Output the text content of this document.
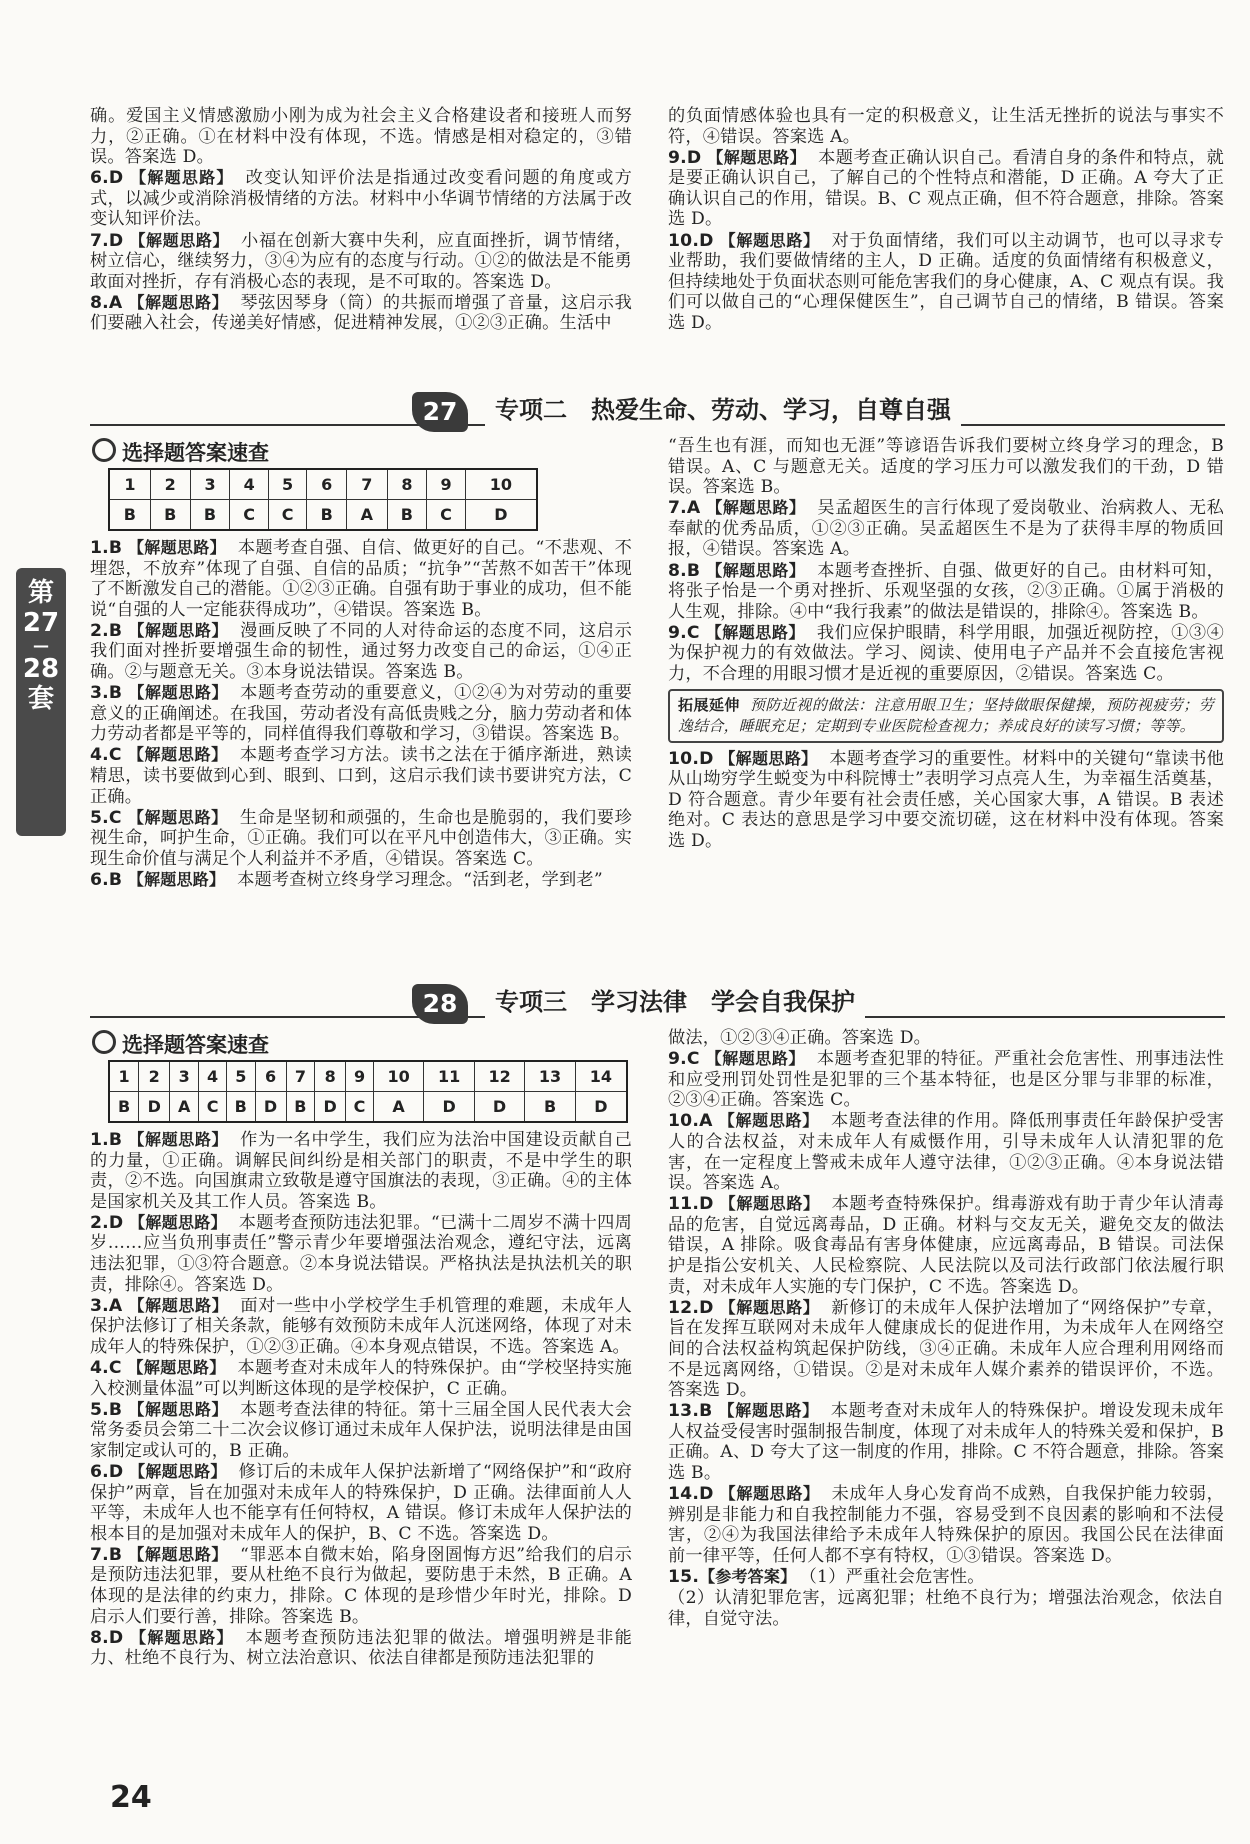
第
27
—
28
套

确。爱国主义情感激励小刚为成为社会主义合格建设者和接班人而努力，②正确。①在材料中没有体现，不选。情感是相对稳定的，③错误。答案选 D。

6.D 【解题思路】 改变认知评价法是指通过改变看问题的角度或方式，以减少或消除消极情绪的方法。材料中小华调节情绪的方法属于改变认知评价法。

7.D 【解题思路】 小福在创新大赛中失利，应直面挫折，调节情绪，树立信心，继续努力，③④为应有的态度与行动。①②的做法是不能勇敢面对挫折，存有消极心态的表现，是不可取的。答案选 D。

8.A 【解题思路】 琴弦因琴身（筒）的共振而增强了音量，这启示我们要融入社会，传递美好情感，促进精神发展，①②③正确。生活中

的负面情感体验也具有一定的积极意义，让生活无挫折的说法与事实不符，④错误。答案选 A。

9.D 【解题思路】 本题考查正确认识自己。看清自身的条件和特点，就是要正确认识自己，了解自己的个性特点和潜能，D 正确。A 夸大了正确认识自己的作用，错误。B、C 观点正确，但不符合题意，排除。答案选 D。

10.D 【解题思路】 对于负面情绪，我们可以主动调节，也可以寻求专业帮助，我们要做情绪的主人，D 正确。适度的负面情绪有积极意义，但持续地处于负面状态则可能危害我们的身心健康，A、C 观点有误。我们可以做自己的“心理保健医生”，自己调节自己的情绪，B 错误。答案选 D。

27	专项二　热爱生命、劳动、学习，自尊自强
选择题答案速查
1	2	3	4	5	6	7	8	9	10
B	B	B	C	C	B	A	B	C	D

1.B 【解题思路】 本题考查自强、自信、做更好的自己。“不悲观、不埋怨，不放弃”体现了自强、自信的品质；“抗争”“苦熬不如苦干”体现了不断激发自己的潜能。①②③正确。自强有助于事业的成功，但不能说“自强的人一定能获得成功”，④错误。答案选 B。

2.B 【解题思路】 漫画反映了不同的人对待命运的态度不同，这启示我们面对挫折要增强生命的韧性，通过努力改变自己的命运，①④正确。②与题意无关。③本身说法错误。答案选 B。

3.B 【解题思路】 本题考查劳动的重要意义，①②④为对劳动的重要意义的正确阐述。在我国，劳动者没有高低贵贱之分，脑力劳动者和体力劳动者都是平等的，同样值得我们尊敬和学习，③错误。答案选 B。

4.C 【解题思路】 本题考查学习方法。读书之法在于循序渐进，熟读精思，读书要做到心到、眼到、口到，这启示我们读书要讲究方法，C 正确。

5.C 【解题思路】 生命是坚韧和顽强的，生命也是脆弱的，我们要珍视生命，呵护生命，①正确。我们可以在平凡中创造伟大，③正确。实现生命价值与满足个人利益并不矛盾，④错误。答案选 C。

6.B 【解题思路】 本题考查树立终身学习理念。“活到老，学到老”

“吾生也有涯，而知也无涯”等谚语告诉我们要树立终身学习的理念，B 错误。A、C 与题意无关。适度的学习压力可以激发我们的干劲，D 错误。答案选 B。

7.A 【解题思路】 吴孟超医生的言行体现了爱岗敬业、治病救人、无私奉献的优秀品质，①②③正确。吴孟超医生不是为了获得丰厚的物质回报，④错误。答案选 A。

8.B 【解题思路】 本题考查挫折、自强、做更好的自己。由材料可知，将张子怡是一个勇对挫折、乐观坚强的女孩，②③正确。①属于消极的人生观，排除。④中“我行我素”的做法是错误的，排除④。答案选 B。

9.C 【解题思路】 我们应保护眼睛，科学用眼，加强近视防控，①③④为保护视力的有效做法。学习、阅读、使用电子产品并不会直接危害视力，不合理的用眼习惯才是近视的重要原因，②错误。答案选 C。

拓展延伸 预防近视的做法：注意用眼卫生；坚持做眼保健操，预防视疲劳；劳逸结合，睡眠充足；定期到专业医院检查视力；养成良好的读写习惯；等等。

10.D 【解题思路】 本题考查学习的重要性。材料中的关键句“靠读书他从山坳穷学生蜕变为中科院博士”表明学习点亮人生，为幸福生活奠基，D 符合题意。青少年要有社会责任感，关心国家大事，A 错误。B 表述绝对。C 表达的意思是学习中要交流切磋，这在材料中没有体现。答案选 D。

28	专项三　学习法律　学会自我保护
选择题答案速查
1	2	3	4	5	6	7	8	9	10	11	12	13	14
B	D	A	C	B	D	B	D	C	A	D	D	B	D

1.B 【解题思路】 作为一名中学生，我们应为法治中国建设贡献自己的力量，①正确。调解民间纠纷是相关部门的职责，不是中学生的职责，②不选。向国旗肃立致敬是遵守国旗法的表现，③正确。④的主体是国家机关及其工作人员。答案选 B。

2.D 【解题思路】 本题考查预防违法犯罪。“已满十二周岁不满十四周岁……应当负刑事责任”警示青少年要增强法治观念，遵纪守法，远离违法犯罪，①③符合题意。②本身说法错误。严格执法是执法机关的职责，排除④。答案选 D。

3.A 【解题思路】 面对一些中小学校学生手机管理的难题，未成年人保护法修订了相关条款，能够有效预防未成年人沉迷网络，体现了对未成年人的特殊保护，①②③正确。④本身观点错误，不选。答案选 A。

4.C 【解题思路】 本题考查对未成年人的特殊保护。由“学校坚持实施入校测量体温”可以判断这体现的是学校保护，C 正确。

5.B 【解题思路】 本题考查法律的特征。第十三届全国人民代表大会常务委员会第二十二次会议修订通过未成年人保护法，说明法律是由国家制定或认可的，B 正确。

6.D 【解题思路】 修订后的未成年人保护法新增了“网络保护”和“政府保护”两章，旨在加强对未成年人的特殊保护，D 正确。法律面前人人平等，未成年人也不能享有任何特权，A 错误。修订未成年人保护法的根本目的是加强对未成年人的保护，B、C 不选。答案选 D。

7.B 【解题思路】 “罪恶本自微末始，陷身囹圄悔方迟”给我们的启示是预防违法犯罪，要从杜绝不良行为做起，要防患于未然，B 正确。A 体现的是法律的约束力，排除。C 体现的是珍惜少年时光，排除。D 启示人们要行善，排除。答案选 B。

8.D 【解题思路】 本题考查预防违法犯罪的做法。增强明辨是非能力、杜绝不良行为、树立法治意识、依法自律都是预防违法犯罪的

做法，①②③④正确。答案选 D。

9.C 【解题思路】 本题考查犯罪的特征。严重社会危害性、刑事违法性和应受刑罚处罚性是犯罪的三个基本特征，也是区分罪与非罪的标准，②③④正确。答案选 C。

10.A 【解题思路】 本题考查法律的作用。降低刑事责任年龄保护受害人的合法权益，对未成年人有威慑作用，引导未成年人认清犯罪的危害，在一定程度上警戒未成年人遵守法律，①②③正确。④本身说法错误。答案选 A。

11.D 【解题思路】 本题考查特殊保护。缉毒游戏有助于青少年认清毒品的危害，自觉远离毒品，D 正确。材料与交友无关，避免交友的做法错误，A 排除。吸食毒品有害身体健康，应远离毒品，B 错误。司法保护是指公安机关、人民检察院、人民法院以及司法行政部门依法履行职责，对未成年人实施的专门保护，C 不选。答案选 D。

12.D 【解题思路】 新修订的未成年人保护法增加了“网络保护”专章，旨在发挥互联网对未成年人健康成长的促进作用，为未成年人在网络空间的合法权益构筑起保护防线，③④正确。未成年人应合理利用网络而不是远离网络，①错误。②是对未成年人媒介素养的错误评价，不选。答案选 D。

13.B 【解题思路】 本题考查对未成年人的特殊保护。增设发现未成年人权益受侵害时强制报告制度，体现了对未成年人的特殊关爱和保护，B 正确。A、D 夸大了这一制度的作用，排除。C 不符合题意，排除。答案选 B。

14.D 【解题思路】 未成年人身心发育尚不成熟，自我保护能力较弱，辨别是非能力和自我控制能力不强，容易受到不良因素的影响和不法侵害，②④为我国法律给予未成年人特殊保护的原因。我国公民在法律面前一律平等，任何人都不享有特权，①③错误。答案选 D。

15.【参考答案】 （1）严重社会危害性。

（2）认清犯罪危害，远离犯罪；杜绝不良行为；增强法治观念，依法自律，自觉守法。

24
